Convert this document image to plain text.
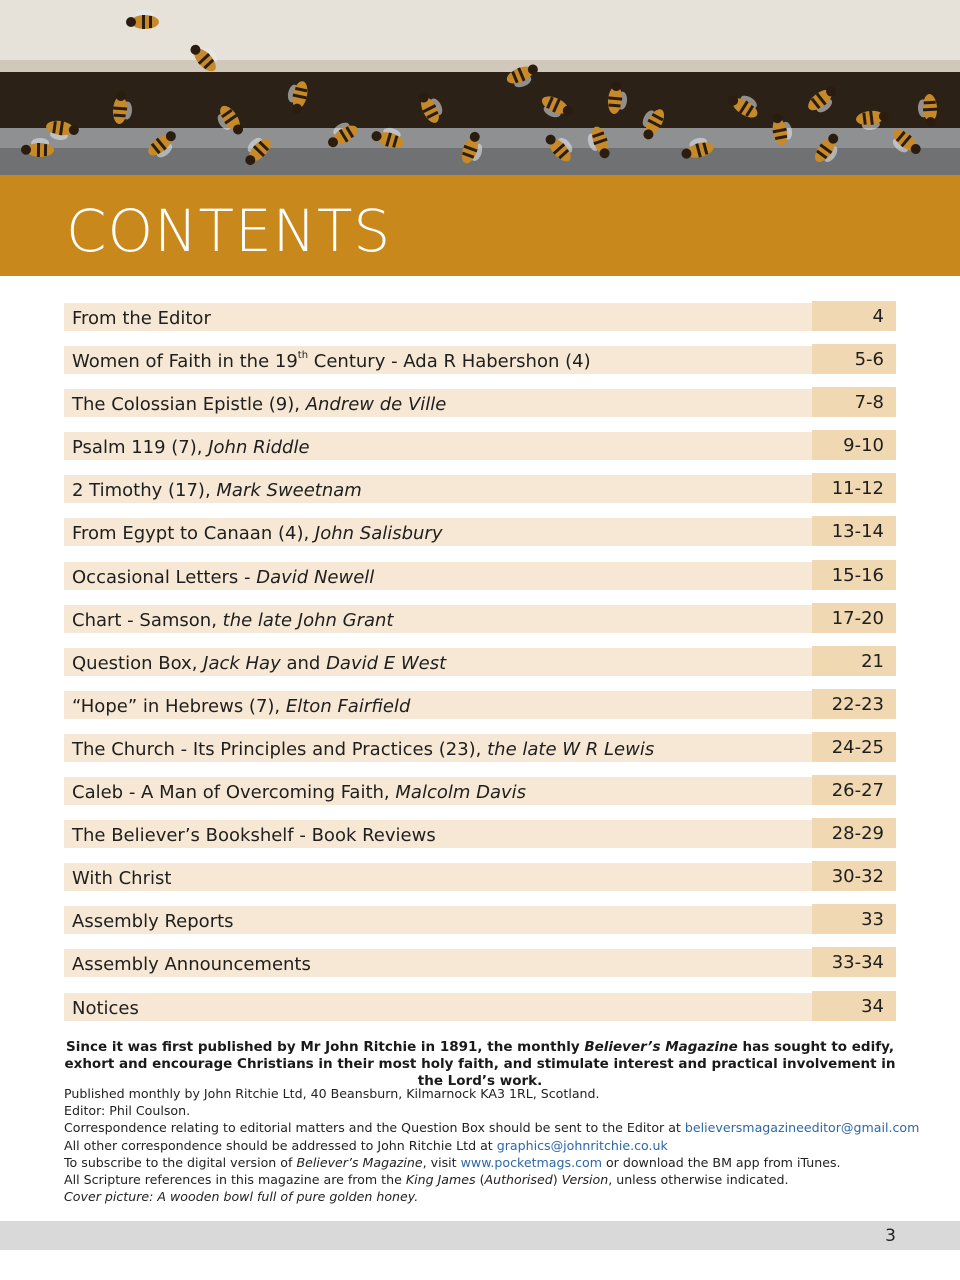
CONTENTS
From the Editor	4
Women of Faith in the 19th Century - Ada R Habershon (4)	5-6
The Colossian Epistle (9), Andrew de Ville	7-8
Psalm 119 (7), John Riddle	9-10
2 Timothy (17), Mark Sweetnam	11-12
From Egypt to Canaan (4), John Salisbury	13-14
Occasional Letters - David Newell	15-16
Chart - Samson, the late John Grant	17-20
Question Box, Jack Hay and David E West	21
“Hope” in Hebrews (7), Elton Fairfield	22-23
The Church - Its Principles and Practices (23), the late W R Lewis	24-25
Caleb - A Man of Overcoming Faith, Malcolm Davis	26-27
The Believer’s Bookshelf - Book Reviews	28-29
With Christ	30-32
Assembly Reports	33
Assembly Announcements	33-34
Notices	34
Since it was first published by Mr John Ritchie in 1891, the monthly Believer’s Magazine has sought to edify, exhort and encourage Christians in their most holy faith, and stimulate interest and practical involvement in the Lord’s work.
Published monthly by John Ritchie Ltd, 40 Beansburn, Kilmarnock KA3 1RL, Scotland.
Editor: Phil Coulson.
Correspondence relating to editorial matters and the Question Box should be sent to the Editor at believersmagazineeditor@gmail.com
All other correspondence should be addressed to John Ritchie Ltd at graphics@johnritchie.co.uk
To subscribe to the digital version of Believer’s Magazine, visit www.pocketmags.com or download the BM app from iTunes.
All Scripture references in this magazine are from the King James (Authorised) Version, unless otherwise indicated.
Cover picture: A wooden bowl full of pure golden honey.
3
